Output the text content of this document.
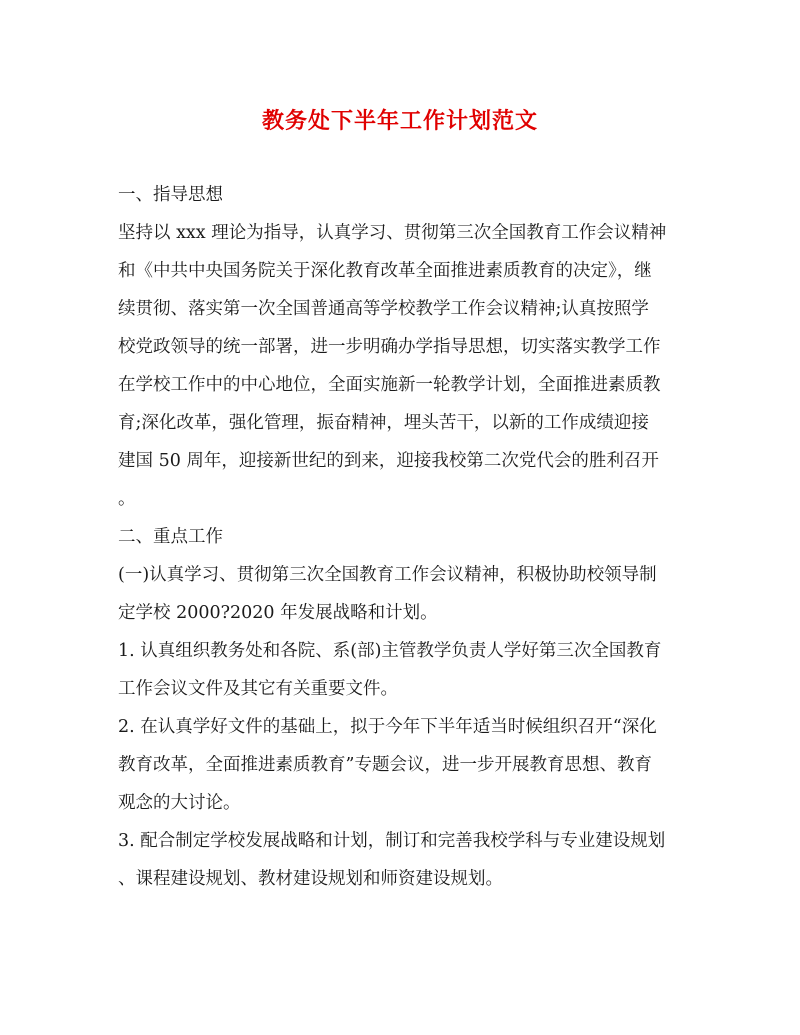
教务处下半年工作计划范文
一、指导思想
坚持以 xxx 理论为指导，认真学习、贯彻第三次全国教育工作会议精神
和《中共中央国务院关于深化教育改革全面推进素质教育的决定》，继
续贯彻、落实第一次全国普通高等学校教学工作会议精神;认真按照学
校党政领导的统一部署，进一步明确办学指导思想，切实落实教学工作
在学校工作中的中心地位，全面实施新一轮教学计划，全面推进素质教
育;深化改革，强化管理，振奋精神，埋头苦干，以新的工作成绩迎接
建国 50 周年，迎接新世纪的到来，迎接我校第二次党代会的胜利召开
。
二、重点工作
(一)认真学习、贯彻第三次全国教育工作会议精神，积极协助校领导制
定学校 2000?2020 年发展战略和计划。
1. 认真组织教务处和各院、系(部)主管教学负责人学好第三次全国教育
工作会议文件及其它有关重要文件。
2. 在认真学好文件的基础上，拟于今年下半年适当时候组织召开“深化
教育改革，全面推进素质教育”专题会议，进一步开展教育思想、教育
观念的大讨论。
3. 配合制定学校发展战略和计划，制订和完善我校学科与专业建设规划
、课程建设规划、教材建设规划和师资建设规划。
